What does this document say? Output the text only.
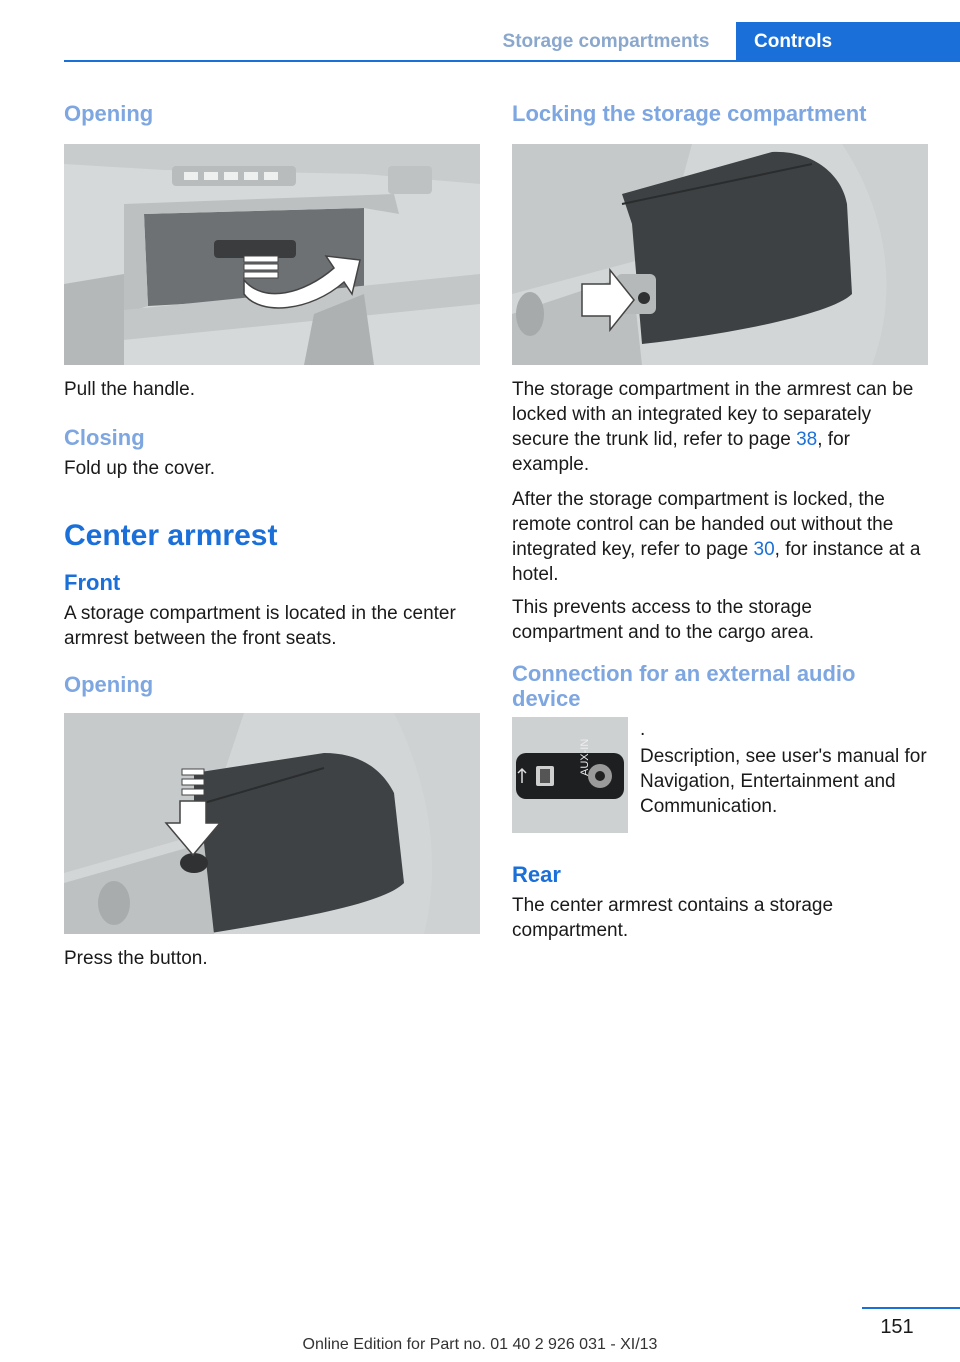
Storage compartments	Controls
Opening

Pull the handle.

Closing

Fold up the cover.

Center armrest
Front

A storage compartment is located in the center armrest between the front seats.

Opening

Press the button.

Locking the storage compartment

The storage compartment in the armrest can be locked with an integrated key to separately secure the trunk lid, refer to page 38, for example.

After the storage compartment is locked, the remote control can be handed out without the integrated key, refer to page 30, for instance at a hotel.

This prevents access to the storage compartment and to the cargo area.

Connection for an external audio device
AUX-IN

.

Description, see user's manual for Navigation, Entertainment and Communication.

Rear

The center armrest contains a storage compartment.

151
Online Edition for Part no. 01 40 2 926 031 - XI/13
